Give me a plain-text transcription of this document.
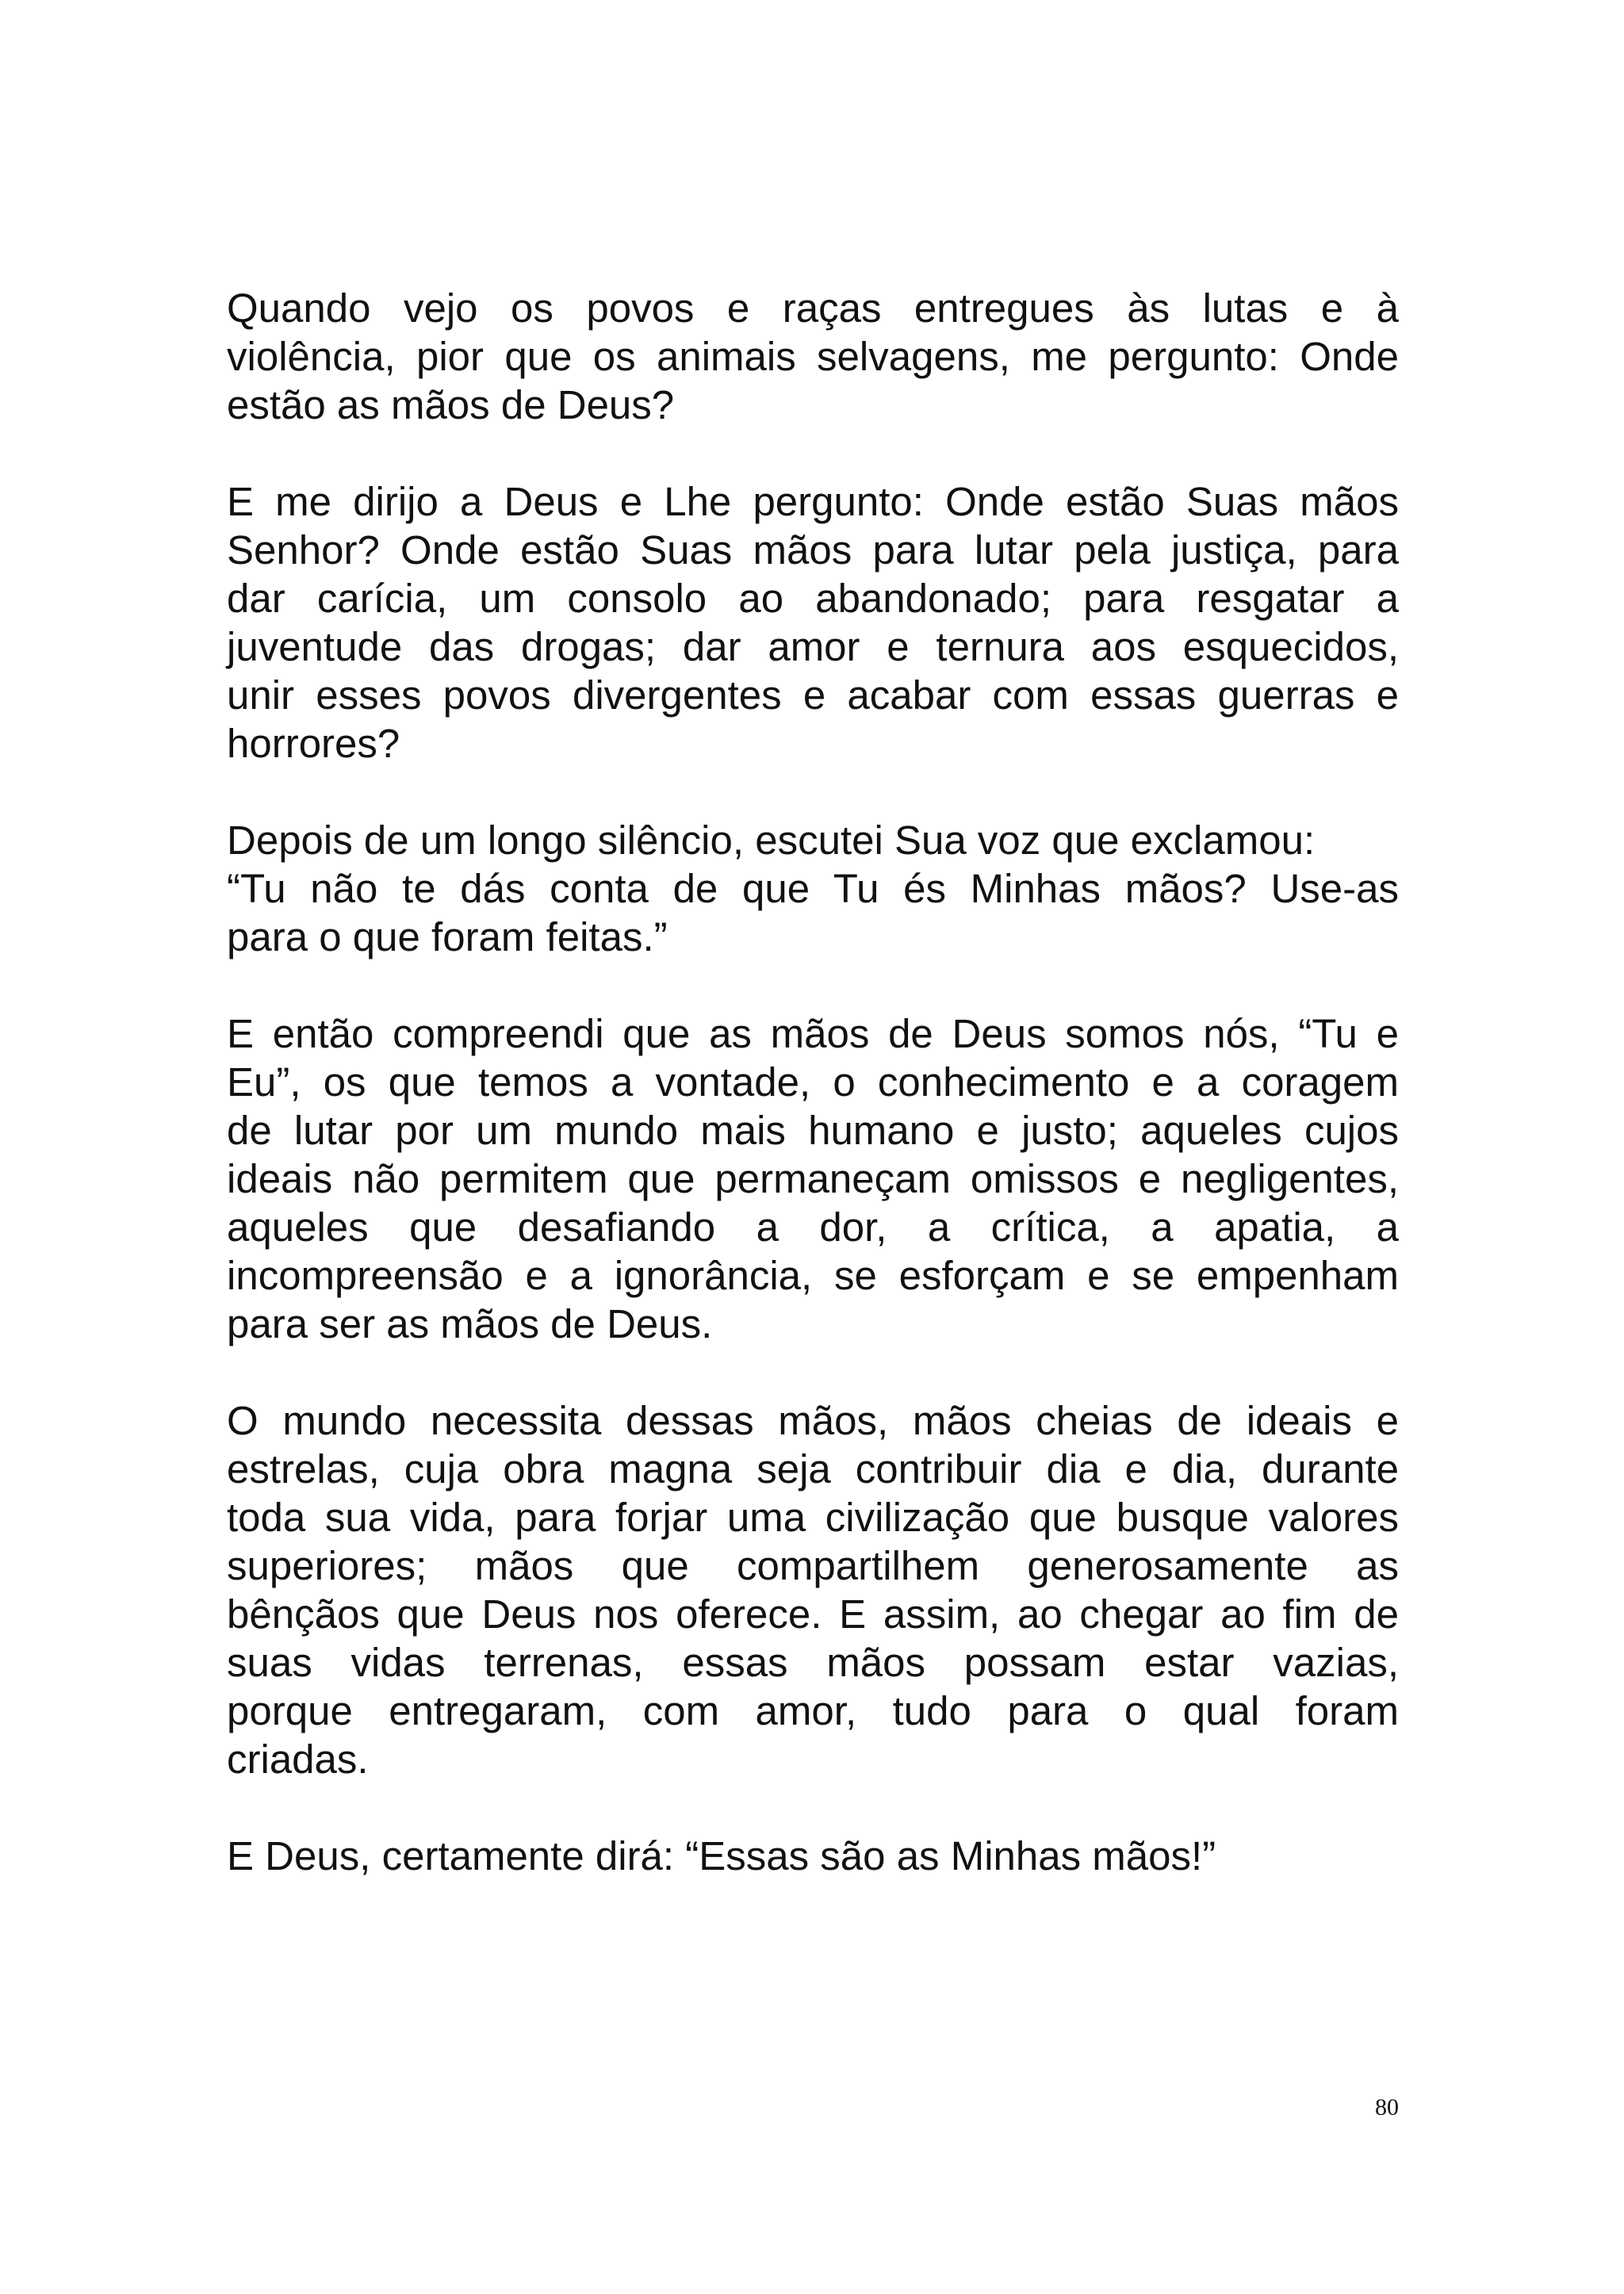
Quando vejo os povos e raças entregues às lutas e à
violência, pior que os animais selvagens, me pergunto: Onde
estão as mãos de Deus?

E me dirijo a Deus e Lhe pergunto: Onde estão Suas mãos
Senhor? Onde estão Suas mãos para lutar pela justiça, para
dar carícia, um consolo ao abandonado; para resgatar a
juventude das drogas; dar amor e ternura aos esquecidos,
unir esses povos divergentes e acabar com essas guerras e
horrores?

Depois de um longo silêncio, escutei Sua voz que exclamou:
“Tu não te dás conta de que Tu és Minhas mãos? Use-as
para o que foram feitas.”

E então compreendi que as mãos de Deus somos nós, “Tu e
Eu”, os que temos a vontade, o conhecimento e a coragem
de lutar por um mundo mais humano e justo; aqueles cujos
ideais não permitem que permaneçam omissos e negligentes,
aqueles que desafiando a dor, a crítica, a apatia, a
incompreensão e a ignorância, se esforçam e se empenham
para ser as mãos de Deus.

O mundo necessita dessas mãos, mãos cheias de ideais e
estrelas, cuja obra magna seja contribuir dia e dia, durante
toda sua vida, para forjar uma civilização que busque valores
superiores; mãos que compartilhem generosamente as
bênçãos que Deus nos oferece. E assim, ao chegar ao fim de
suas vidas terrenas, essas mãos possam estar vazias,
porque entregaram, com amor, tudo para o qual foram
criadas.

E Deus, certamente dirá: “Essas são as Minhas mãos!”

80
